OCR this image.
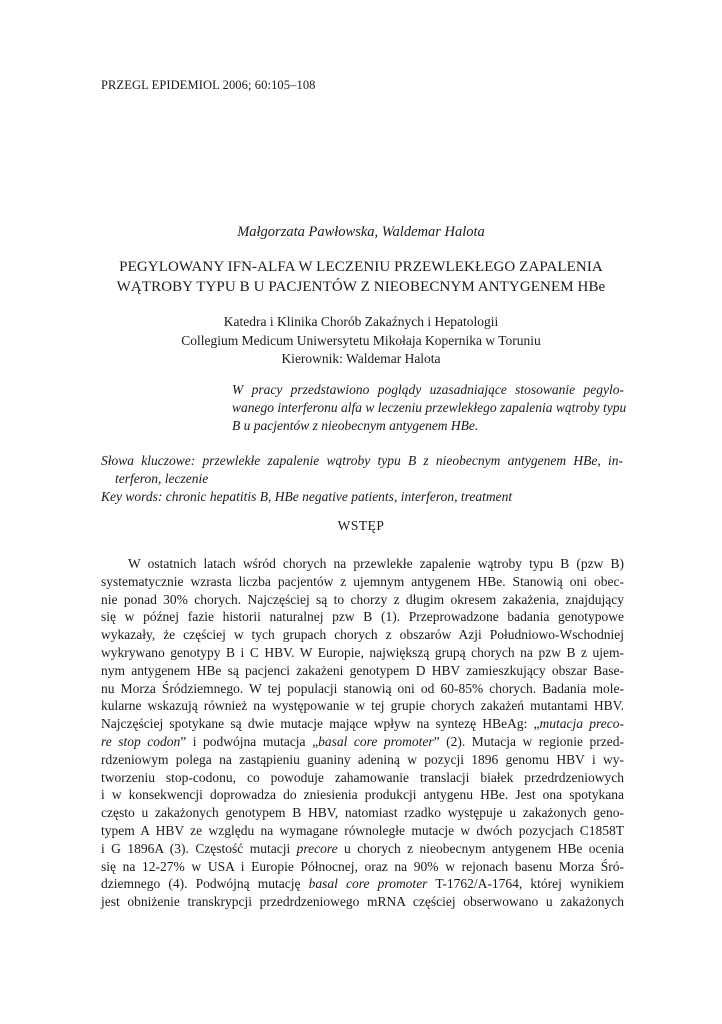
PRZEGL EPIDEMIOL 2006; 60:105–108
Małgorzata Pawłowska, Waldemar Halota
PEGYLOWANY IFN-ALFA W LECZENIU PRZEWLEKŁEGO ZAPALENIA
WĄTROBY TYPU B U PACJENTÓW Z NIEOBECNYM ANTYGENEM HBe
Katedra i Klinika Chorób Zakaźnych i Hepatologii
Collegium Medicum Uniwersytetu Mikołaja Kopernika w Toruniu
Kierownik: Waldemar Halota
W pracy przedstawiono poglądy uzasadniające stosowanie pegylo-
wanego interferonu alfa w leczeniu przewlekłego zapalenia wątroby typu
B u pacjentów z nieobecnym antygenem HBe.
Słowa kluczowe: przewlekłe zapalenie wątroby typu B z nieobecnym antygenem HBe, in-
terferon, leczenie
Key words: chronic hepatitis B, HBe negative patients, interferon, treatment
WSTĘP
W ostatnich latach wśród chorych na przewlekłe zapalenie wątroby typu B (pzw B)
systematycznie wzrasta liczba pacjentów z ujemnym antygenem HBe. Stanowią oni obec-
nie ponad 30% chorych. Najczęściej są to chorzy z długim okresem zakażenia, znajdujący
się w późnej fazie historii naturalnej pzw B (1). Przeprowadzone badania genotypowe
wykazały, że częściej w tych grupach chorych z obszarów Azji Południowo-Wschodniej
wykrywano genotypy B i C HBV. W Europie, największą grupą chorych na pzw B z ujem-
nym antygenem HBe są pacjenci zakażeni genotypem D HBV zamieszkujący obszar Base-
nu Morza Śródziemnego. W tej populacji stanowią oni od 60-85% chorych. Badania mole-
kularne wskazują również na występowanie w tej grupie chorych zakażeń mutantami HBV.
Najczęściej spotykane są dwie mutacje mające wpływ na syntezę HBeAg: „mutacja preco-
re stop codon” i podwójna mutacja „basal core promoter” (2). Mutacja w regionie przed-
rdzeniowym polega na zastąpieniu guaniny adeniną w pozycji 1896 genomu HBV i wy-
tworzeniu stop-codonu, co powoduje zahamowanie translacji białek przedrdzeniowych
i w konsekwencji doprowadza do zniesienia produkcji antygenu HBe. Jest ona spotykana
często u zakażonych genotypem B HBV, natomiast rzadko występuje u zakażonych geno-
typem A HBV ze względu na wymagane równoległe mutacje w dwóch pozycjach C1858T
i G 1896A (3). Częstość mutacji precore u chorych z nieobecnym antygenem HBe ocenia
się na 12-27% w USA i Europie Północnej, oraz na 90% w rejonach basenu Morza Śró-
dziemnego (4). Podwójną mutację basal core promoter T-1762/A-1764, której wynikiem
jest obniżenie transkrypcji przedrdzeniowego mRNA częściej obserwowano u zakażonych
